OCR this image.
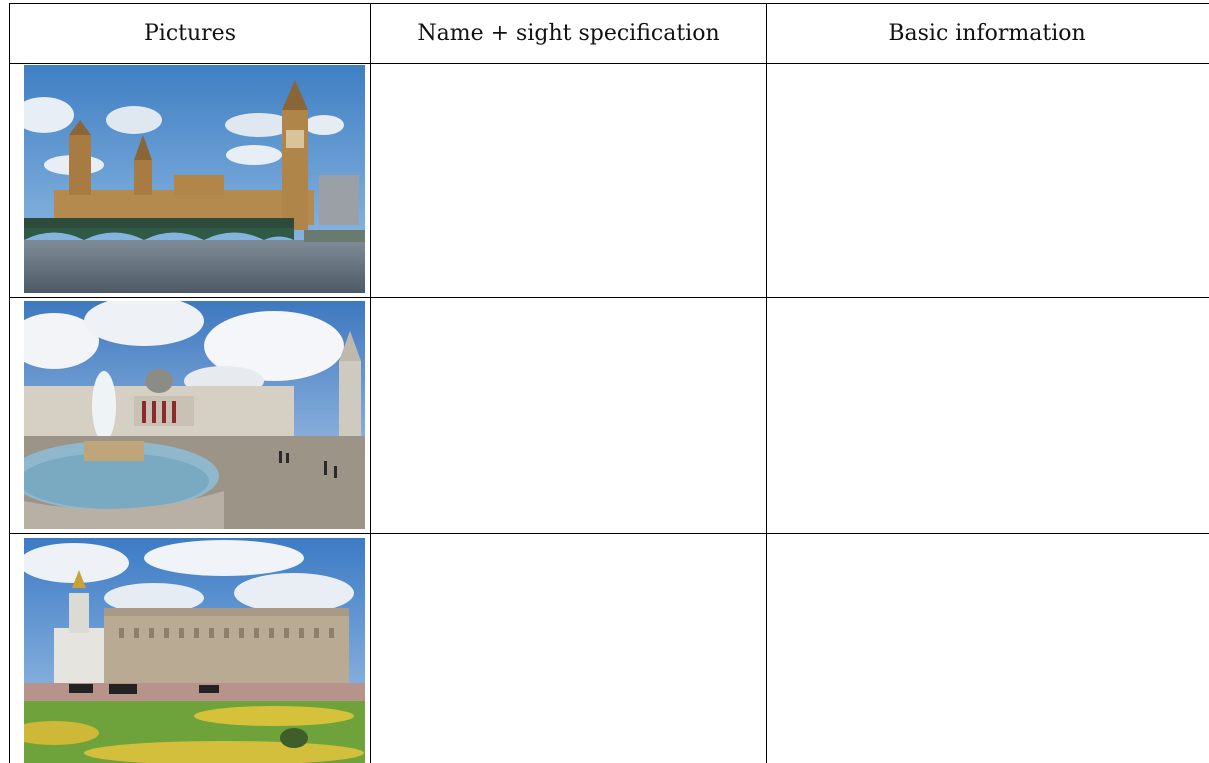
Pictures	Name + sight specification	Basic information
